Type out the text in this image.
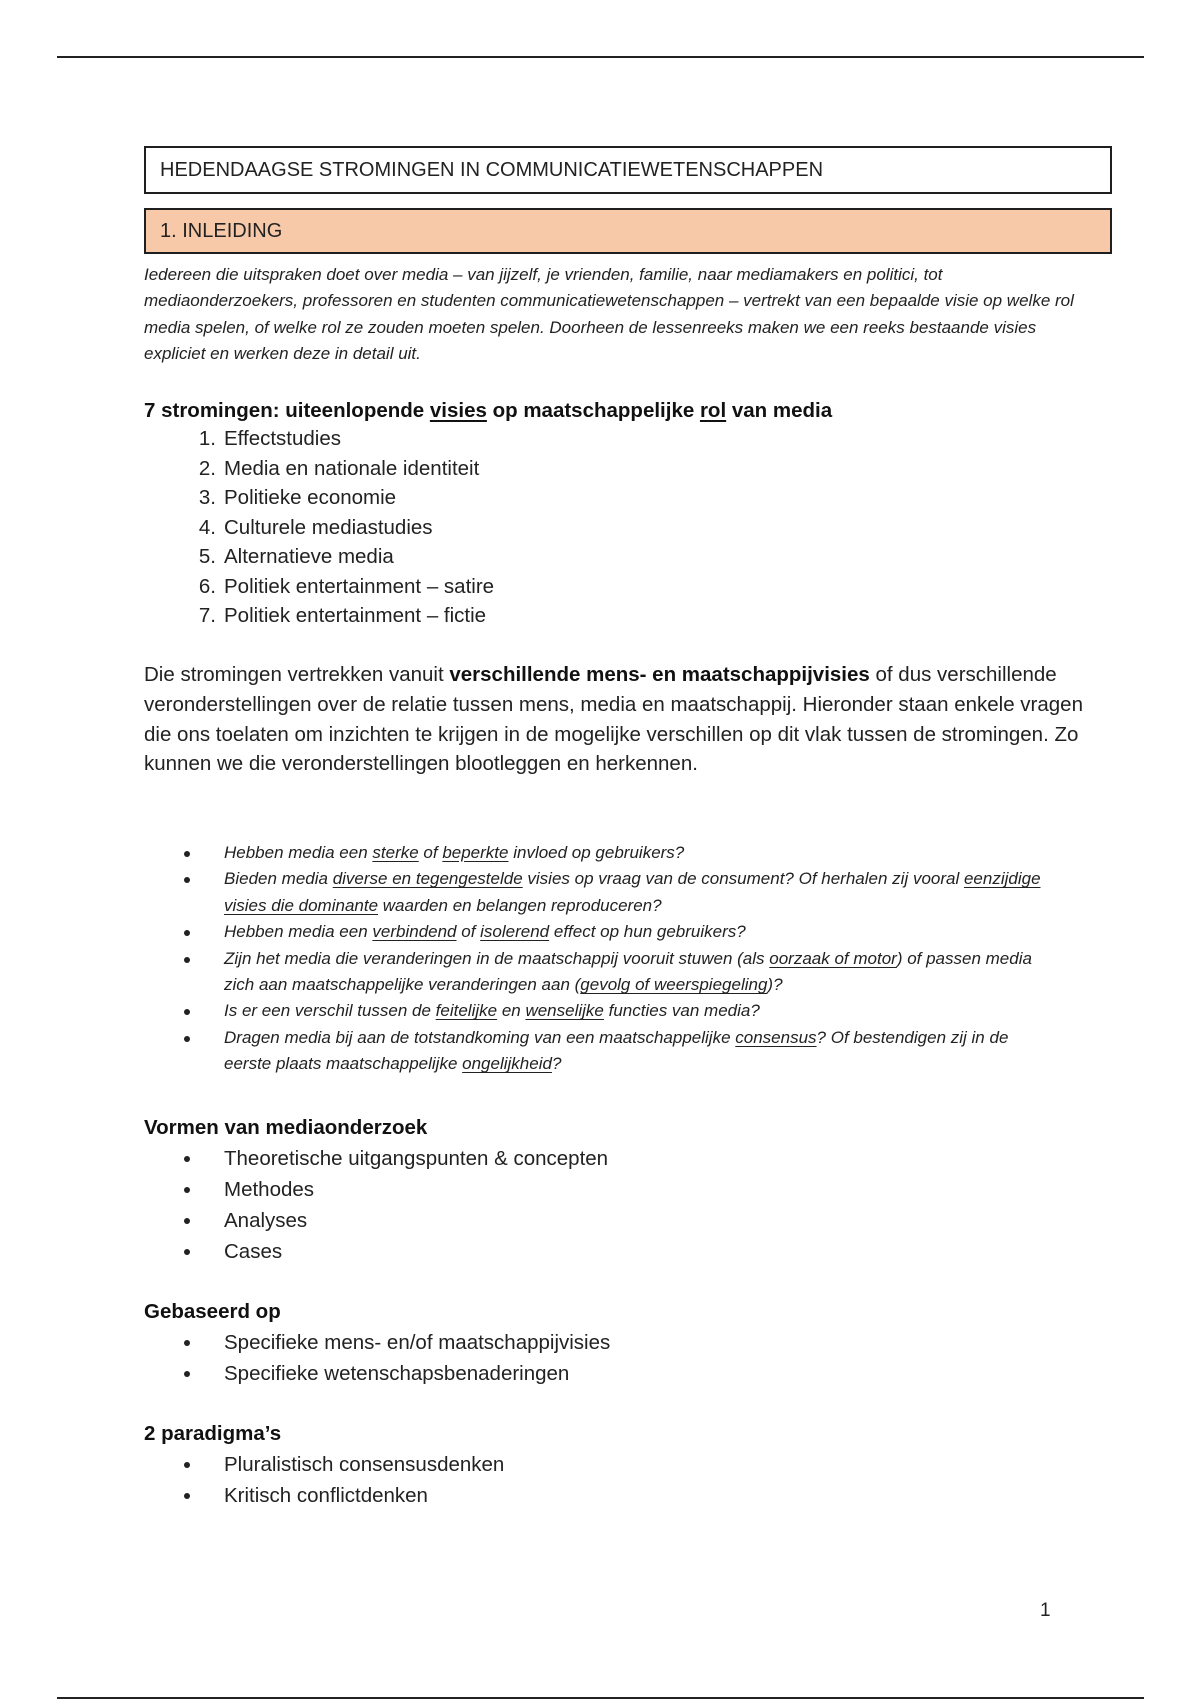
HEDENDAAGSE STROMINGEN IN COMMUNICATIEWETENSCHAPPEN
1. INLEIDING

Iedereen die uitspraken doet over media – van jijzelf, je vrienden, familie, naar mediamakers en politici, tot mediaonderzoekers, professoren en studenten communicatiewetenschappen – vertrekt van een bepaalde visie op welke rol media spelen, of welke rol ze zouden moeten spelen. Doorheen de lessenreeks maken we een reeks bestaande visies expliciet en werken deze in detail uit.

7 stromingen: uiteenlopende visies op maatschappelijke rol van media

1. Effectstudies
2. Media en nationale identiteit
3. Politieke economie
4. Culturele mediastudies
5. Alternatieve media
6. Politiek entertainment – satire
7. Politiek entertainment – fictie

Die stromingen vertrekken vanuit verschillende mens- en maatschappijvisies of dus verschillende veronderstellingen over de relatie tussen mens, media en maatschappij. Hieronder staan enkele vragen die ons toelaten om inzichten te krijgen in de mogelijke verschillen op dit vlak tussen de stromingen. Zo kunnen we die veronderstellingen blootleggen en herkennen.

Hebben media een sterke of beperkte invloed op gebruikers?
Bieden media diverse en tegengestelde visies op vraag van de consument? Of herhalen zij vooral eenzijdige visies die dominante waarden en belangen reproduceren?
Hebben media een verbindend of isolerend effect op hun gebruikers?
Zijn het media die veranderingen in de maatschappij vooruit stuwen (als oorzaak of motor) of passen media zich aan maatschappelijke veranderingen aan (gevolg of weerspiegeling)?
Is er een verschil tussen de feitelijke en wenselijke functies van media?
Dragen media bij aan de totstandkoming van een maatschappelijke consensus? Of bestendigen zij in de eerste plaats maatschappelijke ongelijkheid?

Vormen van mediaonderzoek

Theoretische uitgangspunten & concepten
Methodes
Analyses
Cases

Gebaseerd op

Specifieke mens- en/of maatschappijvisies
Specifieke wetenschapsbenaderingen

2 paradigma’s

Pluralistisch consensusdenken
Kritisch conflictdenken
1
